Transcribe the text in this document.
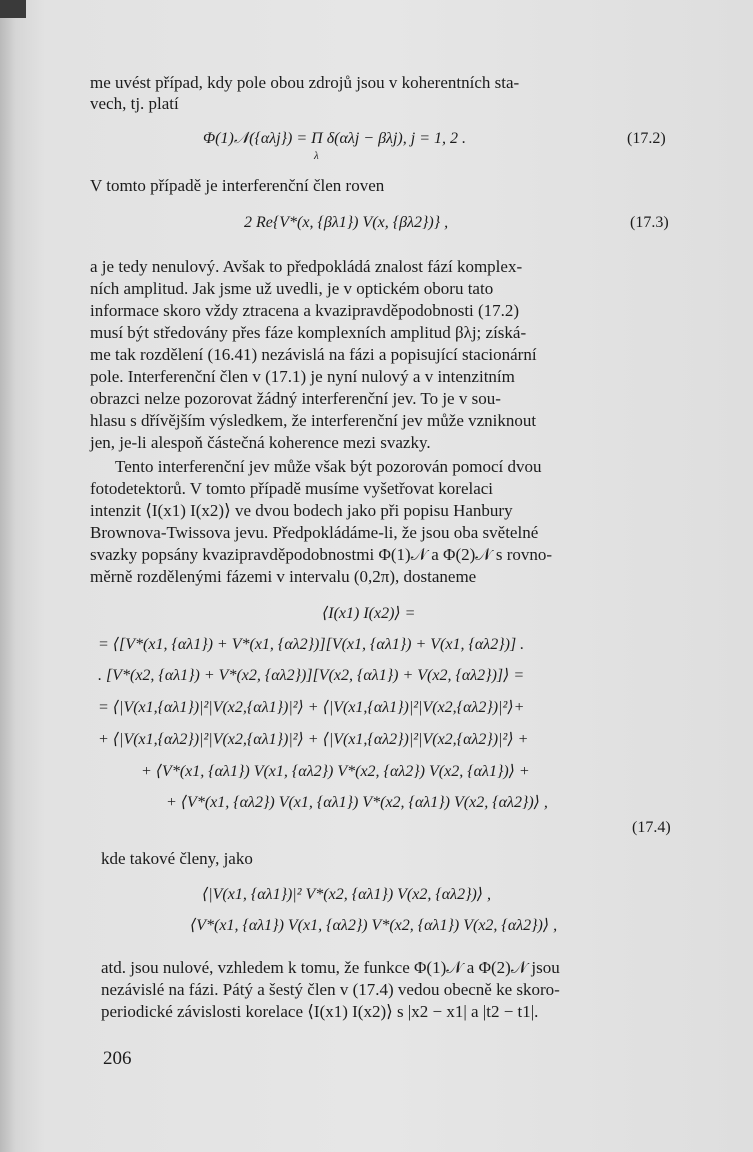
me uvést případ, kdy pole obou zdrojů jsou v koherentních sta-
vech, tj. platí
Φ(1)𝒩({αλj}) = Π δ(αλj − βλj), j = 1, 2 .
λ
(17.2)
V tomto případě je interferenční člen roven
2 Re{V*(x, {βλ1}) V(x, {βλ2})} ,	(17.3)
a je tedy nenulový. Avšak to předpokládá znalost fází komplex-
ních amplitud. Jak jsme už uvedli, je v optickém oboru tato
informace skoro vždy ztracena a kvazipravděpodobnosti (17.2)
musí být středovány přes fáze komplexních amplitud βλj; získá-
me tak rozdělení (16.41) nezávislá na fázi a popisující stacionární
pole. Interferenční člen v (17.1) je nyní nulový a v intenzitním
obrazci nelze pozorovat žádný interferenční jev. To je v sou-
hlasu s dřívějším výsledkem, že interferenční jev může vzniknout
jen, je-li alespoň částečná koherence mezi svazky.
Tento interferenční jev může však být pozorován pomocí dvou
fotodetektorů. V tomto případě musíme vyšetřovat korelaci
intenzit ⟨I(x1) I(x2)⟩ ve dvou bodech jako při popisu Hanbury
Brownova-Twissova jevu. Předpokládáme-li, že jsou oba světelné
svazky popsány kvazipravděpodobnostmi Φ(1)𝒩 a Φ(2)𝒩 s rovno-
měrně rozdělenými fázemi v intervalu (0,2π), dostaneme
⟨I(x1) I(x2)⟩ =
= ⟨[V*(x1, {αλ1}) + V*(x1, {αλ2})][V(x1, {αλ1}) + V(x1, {αλ2})] .
. [V*(x2, {αλ1}) + V*(x2, {αλ2})][V(x2, {αλ1}) + V(x2, {αλ2})]⟩ =
= ⟨|V(x1,{αλ1})|²|V(x2,{αλ1})|²⟩ + ⟨|V(x1,{αλ1})|²|V(x2,{αλ2})|²⟩+
+ ⟨|V(x1,{αλ2})|²|V(x2,{αλ1})|²⟩ + ⟨|V(x1,{αλ2})|²|V(x2,{αλ2})|²⟩ +
+ ⟨V*(x1, {αλ1}) V(x1, {αλ2}) V*(x2, {αλ2}) V(x2, {αλ1})⟩ +
+ ⟨V*(x1, {αλ2}) V(x1, {αλ1}) V*(x2, {αλ1}) V(x2, {αλ2})⟩ ,
(17.4)
kde takové členy, jako
⟨|V(x1, {αλ1})|² V*(x2, {αλ1}) V(x2, {αλ2})⟩ ,
⟨V*(x1, {αλ1}) V(x1, {αλ2}) V*(x2, {αλ1}) V(x2, {αλ2})⟩ ,
atd. jsou nulové, vzhledem k tomu, že funkce Φ(1)𝒩 a Φ(2)𝒩 jsou
nezávislé na fázi. Pátý a šestý člen v (17.4) vedou obecně ke skoro-
periodické závislosti korelace ⟨I(x1) I(x2)⟩ s |x2 − x1| a |t2 − t1|.
206
